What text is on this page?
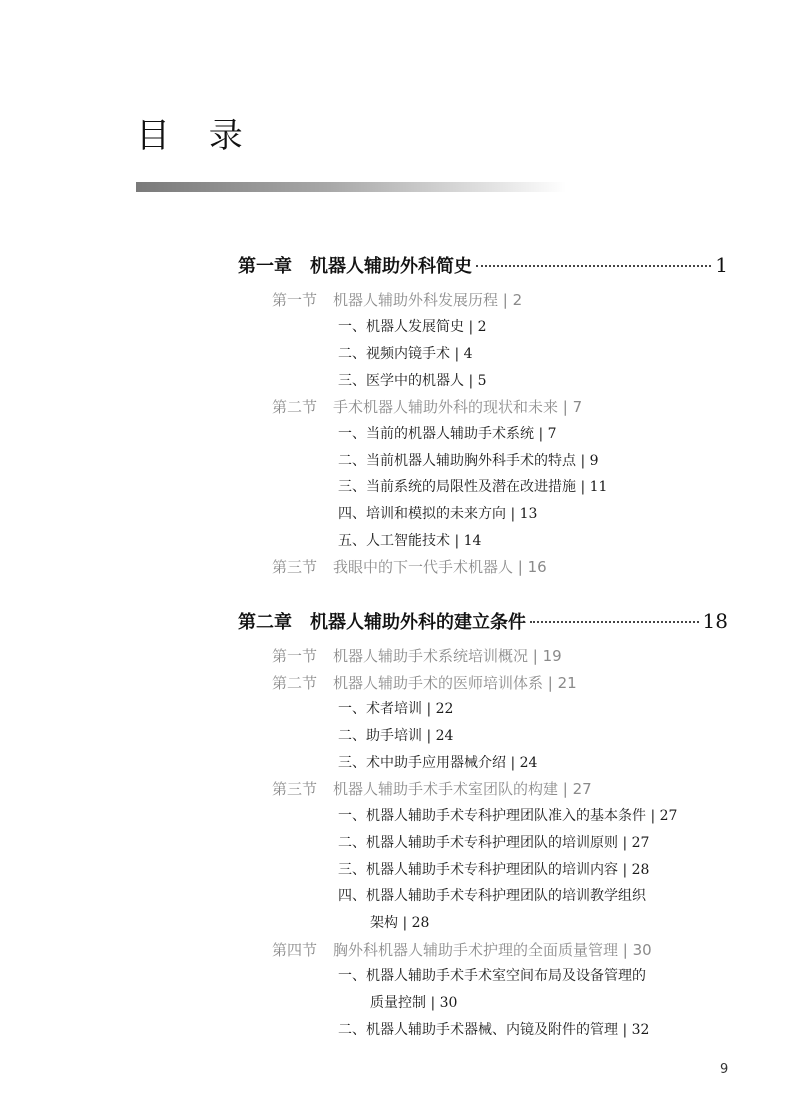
目 录
第一章 机器人辅助外科简史	1
第一节 机器人辅助外科发展历程 | 2
一、机器人发展简史 | 2
二、视频内镜手术 | 4
三、医学中的机器人 | 5
第二节 手术机器人辅助外科的现状和未来 | 7
一、当前的机器人辅助手术系统 | 7
二、当前机器人辅助胸外科手术的特点 | 9
三、当前系统的局限性及潜在改进措施 | 11
四、培训和模拟的未来方向 | 13
五、人工智能技术 | 14
第三节 我眼中的下一代手术机器人 | 16
第二章 机器人辅助外科的建立条件	18
第一节 机器人辅助手术系统培训概况 | 19
第二节 机器人辅助手术的医师培训体系 | 21
一、术者培训 | 22
二、助手培训 | 24
三、术中助手应用器械介绍 | 24
第三节 机器人辅助手术手术室团队的构建 | 27
一、机器人辅助手术专科护理团队准入的基本条件 | 27
二、机器人辅助手术专科护理团队的培训原则 | 27
三、机器人辅助手术专科护理团队的培训内容 | 28
四、机器人辅助手术专科护理团队的培训教学组织
架构 | 28
第四节 胸外科机器人辅助手术护理的全面质量管理 | 30
一、机器人辅助手术手术室空间布局及设备管理的
质量控制 | 30
二、机器人辅助手术器械、内镜及附件的管理 | 32
9
